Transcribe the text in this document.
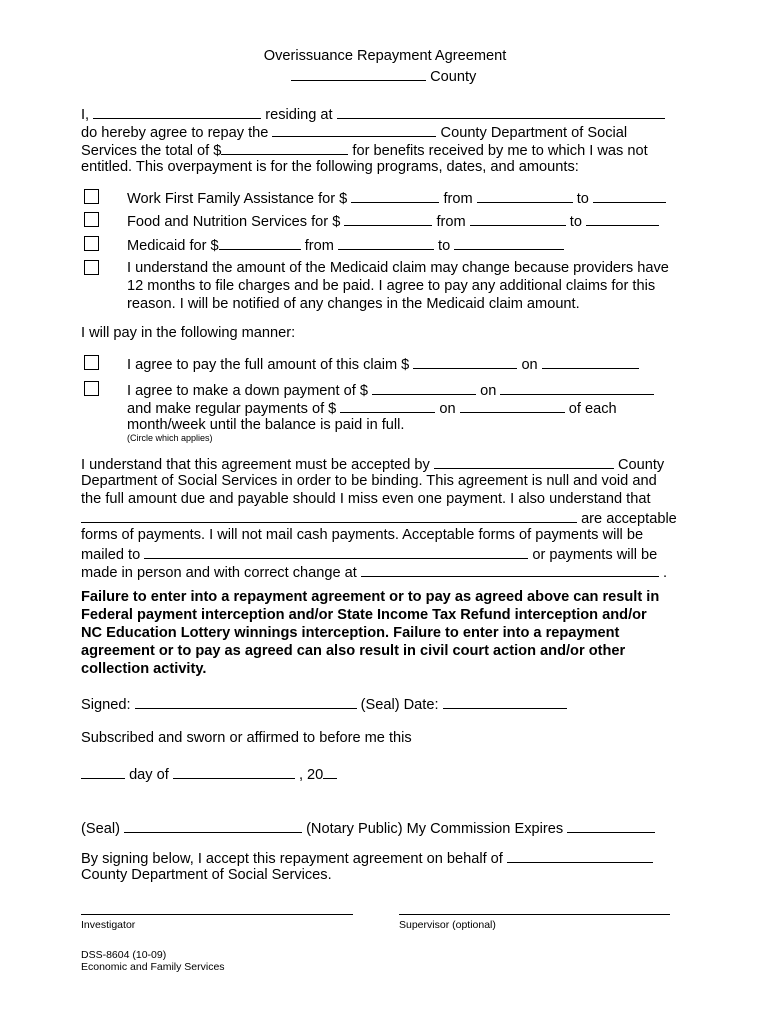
Overissuance Repayment Agreement
County
I,	residing at
do hereby agree to repay the	County Department of Social
Services the total of $	for benefits received by me to which I was not
entitled. This overpayment is for the following programs, dates, and amounts:
Work First Family Assistance for $	from	to
Food and Nutrition Services for $	from	to
Medicaid for $	from	to
I understand the amount of the Medicaid claim may change because providers have
12 months to file charges and be paid. I agree to pay any additional claims for this
reason. I will be notified of any changes in the Medicaid claim amount.
I will pay in the following manner:
I agree to pay the full amount of this claim $	on
I agree to make a down payment of $	on
and make regular payments of $	on	of each
month/week until the balance is paid in full.
(Circle which applies)
I understand that this agreement must be accepted by	County
Department of Social Services in order to be binding. This agreement is null and void and
the full amount due and payable should I miss even one payment. I also understand that
are acceptable
forms of payments. I will not mail cash payments. Acceptable forms of payments will be
mailed to	or payments will be
made in person and with correct change at	.
Failure to enter into a repayment agreement or to pay as agreed above can result in
Federal payment interception and/or State Income Tax Refund interception and/or
NC Education Lottery winnings interception. Failure to enter into a repayment
agreement or to pay as agreed can also result in civil court action and/or other
collection activity.
Signed:	(Seal) Date:
Subscribed and sworn or affirmed to before me this
day of	, 20
(Seal)	(Notary Public) My Commission Expires
By signing below, I accept this repayment agreement on behalf of
County Department of Social Services.
Investigator	Supervisor (optional)
DSS-8604 (10-09)
Economic and Family Services
